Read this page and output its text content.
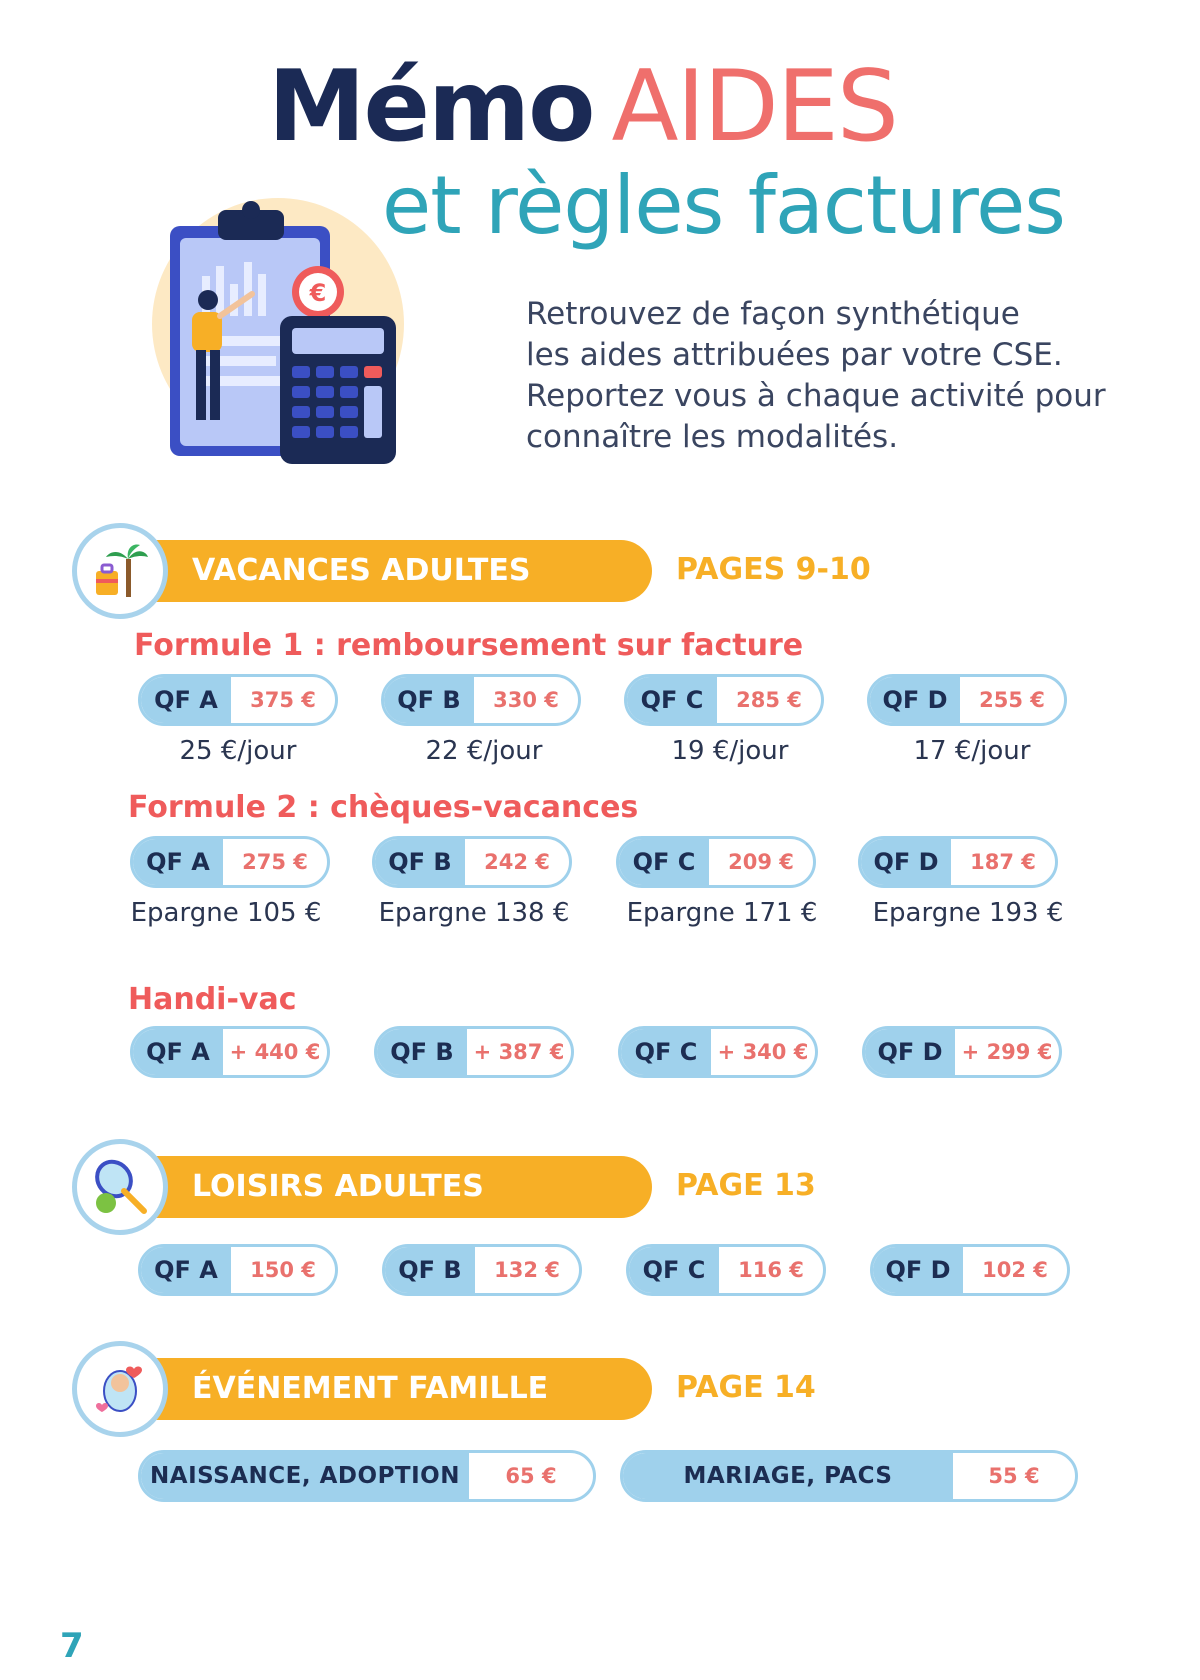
Mémo AIDES
et règles factures
€
Retrouvez de façon synthétique
les aides attribuées par votre CSE.
Reportez vous à chaque activité pour
connaître les modalités.
VACANCES ADULTES	PAGES 9-10
Formule 1 : remboursement sur facture
QF A	375 €	QF B	330 €	QF C	285 €	QF D	255 €
25 €/jour	22 €/jour	19 €/jour	17 €/jour
Formule 2 : chèques-vacances
QF A	275 €	QF B	242 €	QF C	209 €	QF D	187 €
Epargne 105 €	Epargne 138 €	Epargne 171 €	Epargne 193 €
Handi-vac
QF A + 440 €	QF B + 387 €	QF C + 340 €	QF D + 299 €
LOISIRS ADULTES	PAGE 13
QF A	150 €	QF B	132 €	QF C	116 €	QF D	102 €
ÉVÉNEMENT FAMILLE	PAGE 14
NAISSANCE, ADOPTION	65 €	MARIAGE, PACS	55 €
7
